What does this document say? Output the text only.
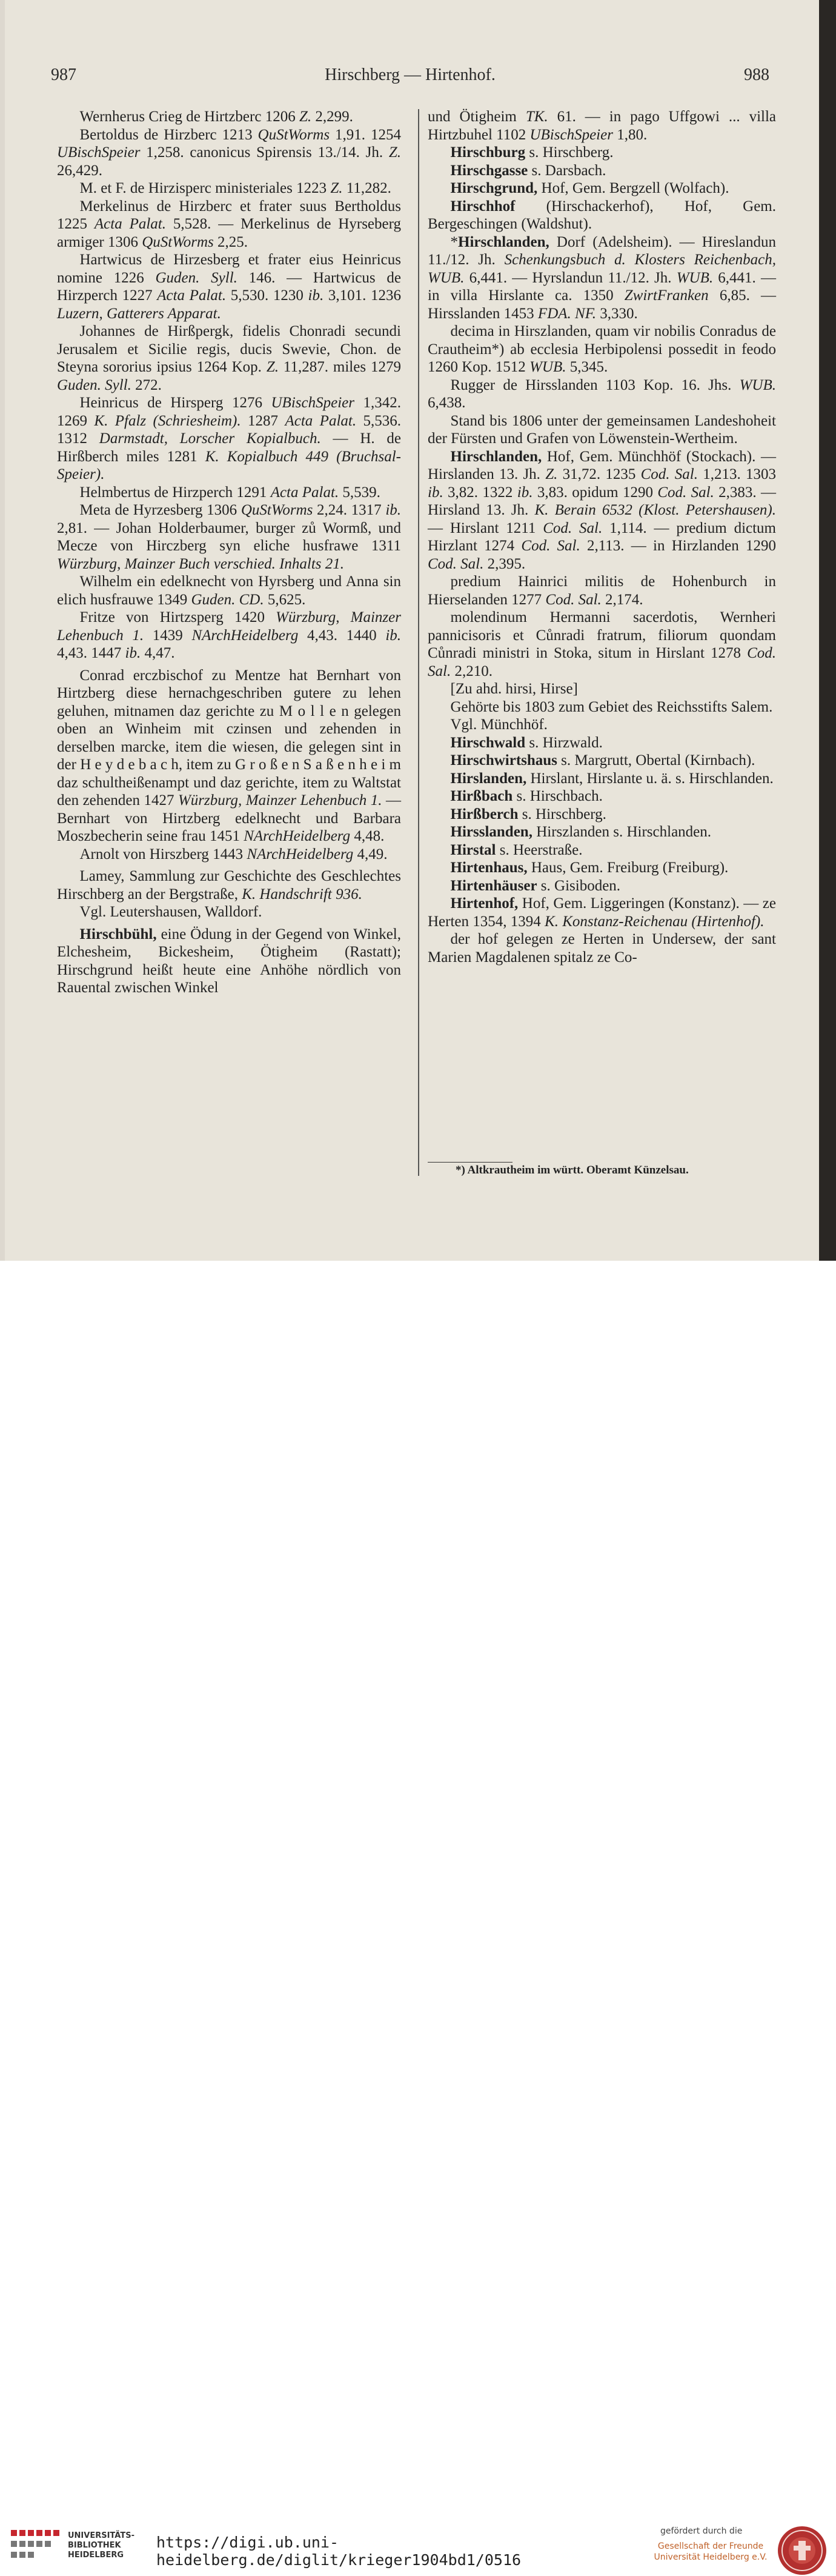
987	Hirschberg — Hirtenhof.	988

Wernherus Crieg de Hirtzberc 1206 Z. 2,299.

Bertoldus de Hirzberc 1213 QuStWorms 1,91. 1254 UBischSpeier 1,258. canonicus Spirensis 13./14. Jh. Z. 26,429.

M. et F. de Hirzisperc ministeriales 1223 Z. 11,282.

Merkelinus de Hirzberc et frater suus Bertholdus 1225 Acta Palat. 5,528. — Merkelinus de Hyrseberg armiger 1306 QuStWorms 2,25.

Hartwicus de Hirzesberg et frater eius Heinricus nomine 1226 Guden. Syll. 146. — Hartwicus de Hirzperch 1227 Acta Palat. 5,530. 1230 ib. 3,101. 1236 Luzern, Gatterers Apparat.

Johannes de Hirßpergk, fidelis Chonradi secundi Jerusalem et Sicilie regis, ducis Swevie, Chon. de Steyna sororius ipsius 1264 Kop. Z. 11,287. miles 1279 Guden. Syll. 272.

Heinricus de Hirsperg 1276 UBischSpeier 1,342. 1269 K. Pfalz (Schriesheim). 1287 Acta Palat. 5,536. 1312 Darmstadt, Lorscher Kopialbuch. — H. de Hirßberch miles 1281 K. Kopialbuch 449 (Bruchsal-Speier).

Helmbertus de Hirzperch 1291 Acta Palat. 5,539.

Meta de Hyrzesberg 1306 QuStWorms 2,24. 1317 ib. 2,81. — Johan Holderbaumer, burger zů Wormß, und Mecze von Hirczberg syn eliche husfrawe 1311 Würzburg, Mainzer Buch verschied. Inhalts 21.

Wilhelm ein edelknecht von Hyrsberg und Anna sin elich husfrauwe 1349 Guden. CD. 5,625.

Fritze von Hirtzsperg 1420 Würzburg, Mainzer Lehenbuch 1. 1439 NArchHeidelberg 4,43. 1440 ib. 4,43. 1447 ib. 4,47.

Conrad erczbischof zu Mentze hat Bernhart von Hirtzberg diese hernachgeschriben gutere zu lehen geluhen, mitnamen daz gerichte zu M o l l e n gelegen oben an Winheim mit czinsen und zehenden in derselben marcke, item die wiesen, die gelegen sint in der H e y d e b a c h, item zu G r o ß e n S a ß e n h e i m daz schultheißenampt und daz gerichte, item zu Waltstat den zehenden 1427 Würzburg, Mainzer Lehenbuch 1. — Bernhart von Hirtzberg edelknecht und Barbara Moszbecherin seine frau 1451 NArchHeidelberg 4,48.

Arnolt von Hirszberg 1443 NArchHeidelberg 4,49.

Lamey, Sammlung zur Geschichte des Geschlechtes Hirschberg an der Bergstraße, K. Handschrift 936.

Vgl. Leutershausen, Walldorf.

Hirschbühl, eine Ödung in der Gegend von Winkel, Elchesheim, Bickesheim, Ötigheim (Rastatt); Hirschgrund heißt heute eine Anhöhe nördlich von Rauental zwischen Winkel

und Ötigheim TK. 61. — in pago Uffgowi ... villa Hirtzbuhel 1102 UBischSpeier 1,80.

Hirschburg s. Hirschberg.

Hirschgasse s. Darsbach.

Hirschgrund, Hof, Gem. Bergzell (Wolfach).

Hirschhof (Hirschackerhof), Hof, Gem. Bergeschingen (Waldshut).

*Hirschlanden, Dorf (Adelsheim). — Hireslandun 11./12. Jh. Schenkungsbuch d. Klosters Reichenbach, WUB. 6,441. — Hyrslandun 11./12. Jh. WUB. 6,441. — in villa Hirslante ca. 1350 ZwirtFranken 6,85. — Hirsslanden 1453 FDA. NF. 3,330.

decima in Hirszlanden, quam vir nobilis Conradus de Crautheim*) ab ecclesia Herbipolensi possedit in feodo 1260 Kop. 1512 WUB. 5,345.

Rugger de Hirsslanden 1103 Kop. 16. Jhs. WUB. 6,438.

Stand bis 1806 unter der gemeinsamen Landeshoheit der Fürsten und Grafen von Löwenstein-Wertheim.

Hirschlanden, Hof, Gem. Münchhöf (Stockach). — Hirslanden 13. Jh. Z. 31,72. 1235 Cod. Sal. 1,213. 1303 ib. 3,82. 1322 ib. 3,83. opidum 1290 Cod. Sal. 2,383. — Hirsland 13. Jh. K. Berain 6532 (Klost. Petershausen). — Hirslant 1211 Cod. Sal. 1,114. — predium dictum Hirzlant 1274 Cod. Sal. 2,113. — in Hirzlanden 1290 Cod. Sal. 2,395.

predium Hainrici militis de Hohenburch in Hierselanden 1277 Cod. Sal. 2,174.

molendinum Hermanni sacerdotis, Wernheri pannicisoris et Cůnradi fratrum, filiorum quondam Cůnradi ministri in Stoka, situm in Hirslant 1278 Cod. Sal. 2,210.

[Zu ahd. hirsi, Hirse]

Gehörte bis 1803 zum Gebiet des Reichsstifts Salem.

Vgl. Münchhöf.

Hirschwald s. Hirzwald.

Hirschwirtshaus s. Margrutt, Obertal (Kirnbach).

Hirslanden, Hirslant, Hirslante u. ä. s. Hirschlanden.

Hirßbach s. Hirschbach.

Hirßberch s. Hirschberg.

Hirsslanden, Hirszlanden s. Hirschlanden.

Hirstal s. Heerstraße.

Hirtenhaus, Haus, Gem. Freiburg (Freiburg).

Hirtenhäuser s. Gisiboden.

Hirtenhof, Hof, Gem. Liggeringen (Konstanz). — ze Herten 1354, 1394 K. Konstanz-Reichenau (Hirtenhof).

der hof gelegen ze Herten in Undersew, der sant Marien Magdalenen spitalz ze Co-

*) Altkrautheim im württ. Oberamt Künzelsau.
UNIVERSITÄTS-
BIBLIOTHEK
HEIDELBERG
https://digi.ub.uni-heidelberg.de/diglit/krieger1904bd1/0516
gefördert durch die
Gesellschaft der Freunde
Universität Heidelberg e.V.
